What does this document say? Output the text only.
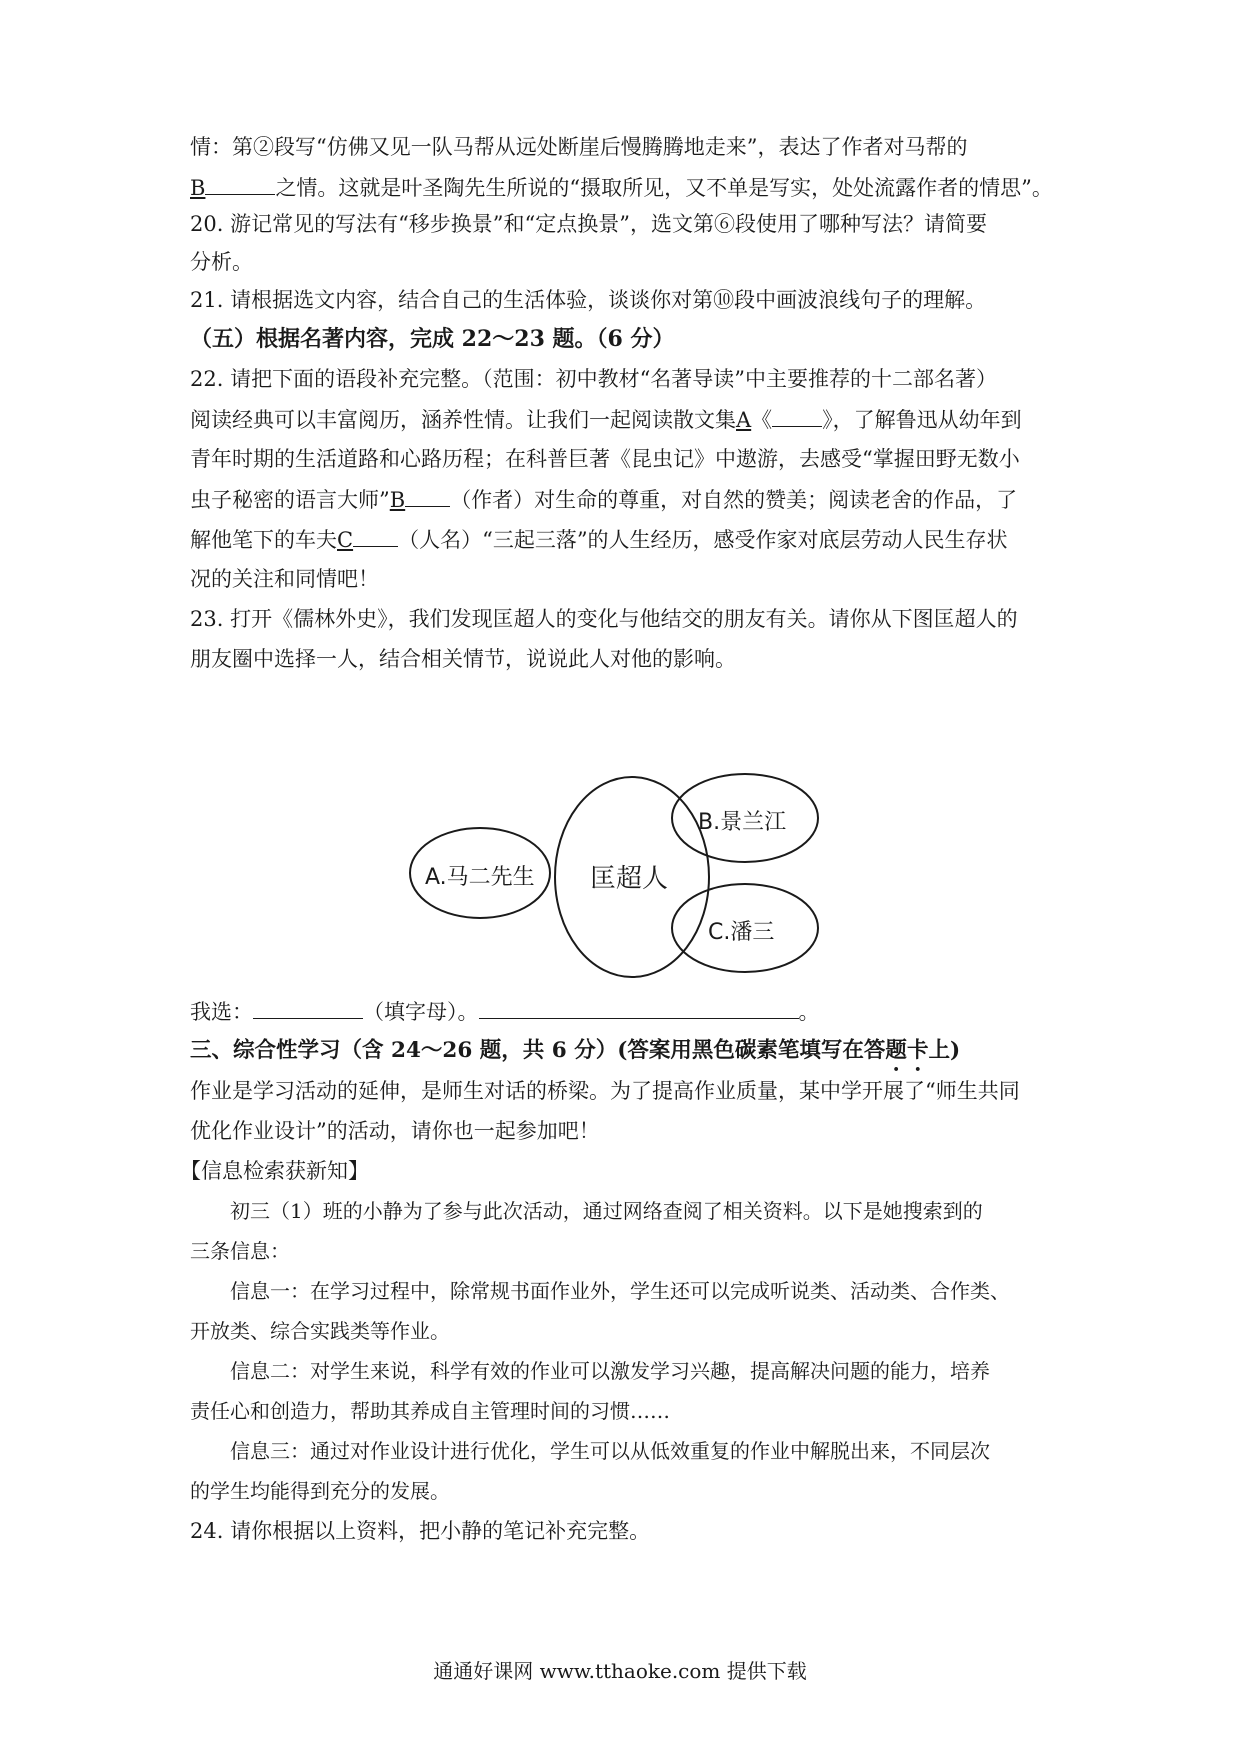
情：第②段写“仿佛又见一队马帮从远处断崖后慢腾腾地走来”，表达了作者对马帮的
B	之情。这就是叶圣陶先生所说的“摄取所见，又不单是写实，处处流露作者的情思”。
20. 游记常见的写法有“移步换景”和“定点换景”，选文第⑥段使用了哪种写法？请简要
分析。
21. 请根据选文内容，结合自己的生活体验，谈谈你对第⑩段中画波浪线句子的理解。
（五）根据名著内容，完成 22～23 题。（6 分）
22. 请把下面的语段补充完整。（范围：初中教材“名著导读”中主要推荐的十二部名著）
阅读经典可以丰富阅历，涵养性情。让我们一起阅读散文集A《 》，了解鲁迅从幼年到
青年时期的生活道路和心路历程；在科普巨著《昆虫记》中遨游，去感受“掌握田野无数小
虫子秘密的语言大师”B （作者）对生命的尊重，对自然的赞美；阅读老舍的作品，了
解他笔下的车夫C （人名）“三起三落”的人生经历，感受作家对底层劳动人民生存状
况的关注和同情吧！
23. 打开《儒林外史》，我们发现匡超人的变化与他结交的朋友有关。请你从下图匡超人的
朋友圈中选择一人，结合相关情节，说说此人对他的影响。
A.马二先生 匡超人
B.景兰江
C.潘三
我选：	（填字母）。	。
三、综合性学习（含 24～26 题，共 6 分）(答案用黑色碳素笔填写在答题卡上)
作业是学习活动的延伸，是师生对话的桥梁。为了提高作业质量，某中学开展了“师生共同
优化作业设计”的活动，请你也一起参加吧！
【信息检索获新知】
初三（1）班的小静为了参与此次活动，通过网络查阅了相关资料。以下是她搜索到的
三条信息：
信息一：在学习过程中，除常规书面作业外，学生还可以完成听说类、活动类、合作类、
开放类、综合实践类等作业。
信息二：对学生来说，科学有效的作业可以激发学习兴趣，提高解决问题的能力，培养
责任心和创造力，帮助其养成自主管理时间的习惯……
信息三：通过对作业设计进行优化，学生可以从低效重复的作业中解脱出来，不同层次
的学生均能得到充分的发展。
24. 请你根据以上资料，把小静的笔记补充完整。
通通好课网 www.tthaoke.com 提供下载
